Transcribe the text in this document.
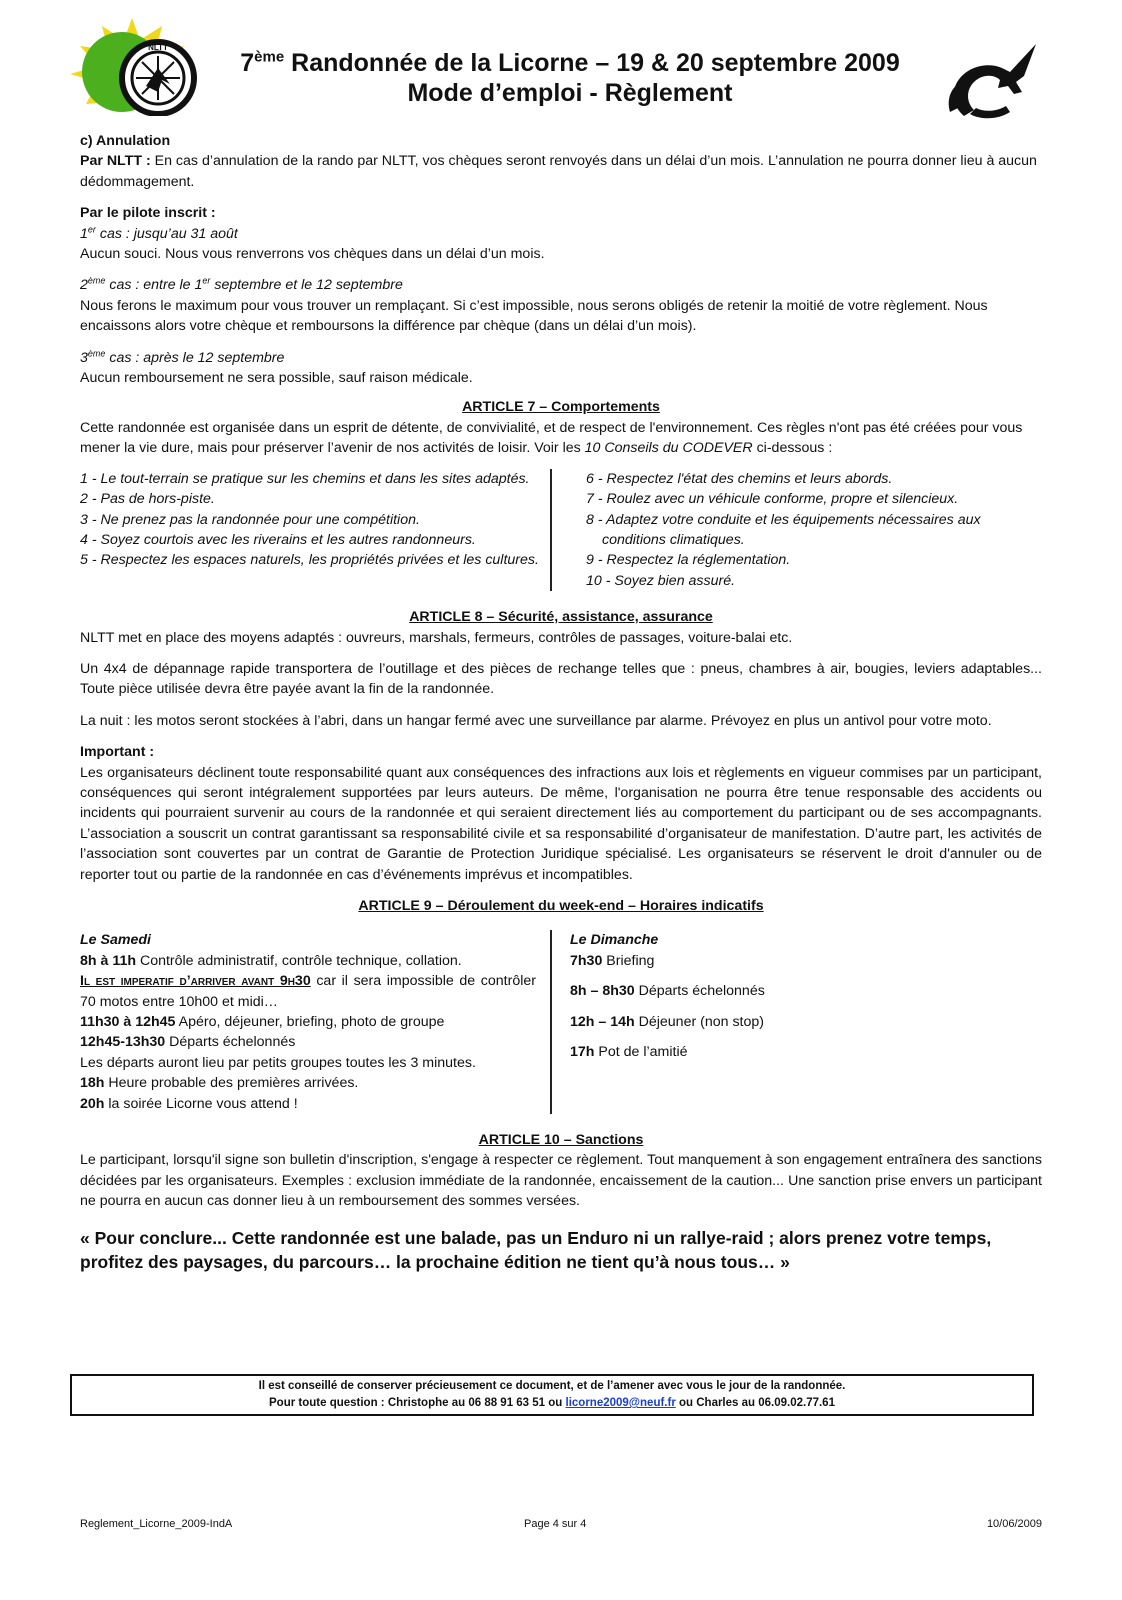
NLTT
7ème Randonnée de la Licorne – 19 & 20 septembre 2009
Mode d’emploi - Règlement

c) Annulation

Par NLTT : En cas d’annulation de la rando par NLTT, vos chèques seront renvoyés dans un délai d’un mois. L’annulation ne pourra donner lieu à aucun dédommagement.

Par le pilote inscrit :

1er cas : jusqu’au 31 août

Aucun souci. Nous vous renverrons vos chèques dans un délai d’un mois.

2ème cas : entre le 1er septembre et le 12 septembre

Nous ferons le maximum pour vous trouver un remplaçant. Si c’est impossible, nous serons obligés de retenir la moitié de votre règlement. Nous encaissons alors votre chèque et remboursons la différence par chèque (dans un délai d’un mois).

3ème cas : après le 12 septembre

Aucun remboursement ne sera possible, sauf raison médicale.

ARTICLE 7 – Comportements

Cette randonnée est organisée dans un esprit de détente, de convivialité, et de respect de l'environnement. Ces règles n'ont pas été créées pour vous mener la vie dure, mais pour préserver l’avenir de nos activités de loisir. Voir les 10 Conseils du CODEVER ci-dessous :

1 - Le tout-terrain se pratique sur les chemins et dans les sites adaptés.

2 - Pas de hors-piste.

3 - Ne prenez pas la randonnée pour une compétition.

4 - Soyez courtois avec les riverains et les autres randonneurs.

5 - Respectez les espaces naturels, les propriétés privées et les cultures.

6 - Respectez l'état des chemins et leurs abords.

7 - Roulez avec un véhicule conforme, propre et silencieux.

8 - Adaptez votre conduite et les équipements nécessaires aux

conditions climatiques.

9 - Respectez la réglementation.

10 - Soyez bien assuré.

ARTICLE 8 – Sécurité, assistance, assurance

NLTT met en place des moyens adaptés : ouvreurs, marshals, fermeurs, contrôles de passages, voiture-balai etc.

Un 4x4 de dépannage rapide transportera de l’outillage et des pièces de rechange telles que : pneus, chambres à air, bougies, leviers adaptables... Toute pièce utilisée devra être payée avant la fin de la randonnée.

La nuit : les motos seront stockées à l’abri, dans un hangar fermé avec une surveillance par alarme. Prévoyez en plus un antivol pour votre moto.

Important :

Les organisateurs déclinent toute responsabilité quant aux conséquences des infractions aux lois et règlements en vigueur commises par un participant, conséquences qui seront intégralement supportées par leurs auteurs. De même, l'organisation ne pourra être tenue responsable des accidents ou incidents qui pourraient survenir au cours de la randonnée et qui seraient directement liés au comportement du participant ou de ses accompagnants. L’association a souscrit un contrat garantissant sa responsabilité civile et sa responsabilité d’organisateur de manifestation. D’autre part, les activités de l’association sont couvertes par un contrat de Garantie de Protection Juridique spécialisé. Les organisateurs se réservent le droit d'annuler ou de reporter tout ou partie de la randonnée en cas d’événements imprévus et incompatibles.

ARTICLE 9 – Déroulement du week-end – Horaires indicatifs

Le Samedi

8h à 11h Contrôle administratif, contrôle technique, collation.

Il est imperatif d’arriver avant 9h30 car il sera impossible de contrôler 70 motos entre 10h00 et midi…

11h30 à 12h45 Apéro, déjeuner, briefing, photo de groupe

12h45-13h30 Départs échelonnés

Les départs auront lieu par petits groupes toutes les 3 minutes.

18h Heure probable des premières arrivées.

20h la soirée Licorne vous attend !

Le Dimanche

7h30 Briefing

8h – 8h30 Départs échelonnés

12h – 14h Déjeuner (non stop)

17h Pot de l’amitié

ARTICLE 10 – Sanctions

Le participant, lorsqu'il signe son bulletin d'inscription, s'engage à respecter ce règlement. Tout manquement à son engagement entraînera des sanctions décidées par les organisateurs. Exemples : exclusion immédiate de la randonnée, encaissement de la caution... Une sanction prise envers un participant ne pourra en aucun cas donner lieu à un remboursement des sommes versées.

« Pour conclure... Cette randonnée est une balade, pas un Enduro ni un rallye-raid ; alors prenez votre temps, profitez des paysages, du parcours… la prochaine édition ne tient qu’à nous tous… »

Il est conseillé de conserver précieusement ce document, et de l’amener avec vous le jour de la randonnée.
Pour toute question : Christophe au 06 88 91 63 51 ou licorne2009@neuf.fr ou Charles au 06.09.02.77.61
Reglement_Licorne_2009-IndA	Page 4 sur 4	10/06/2009
